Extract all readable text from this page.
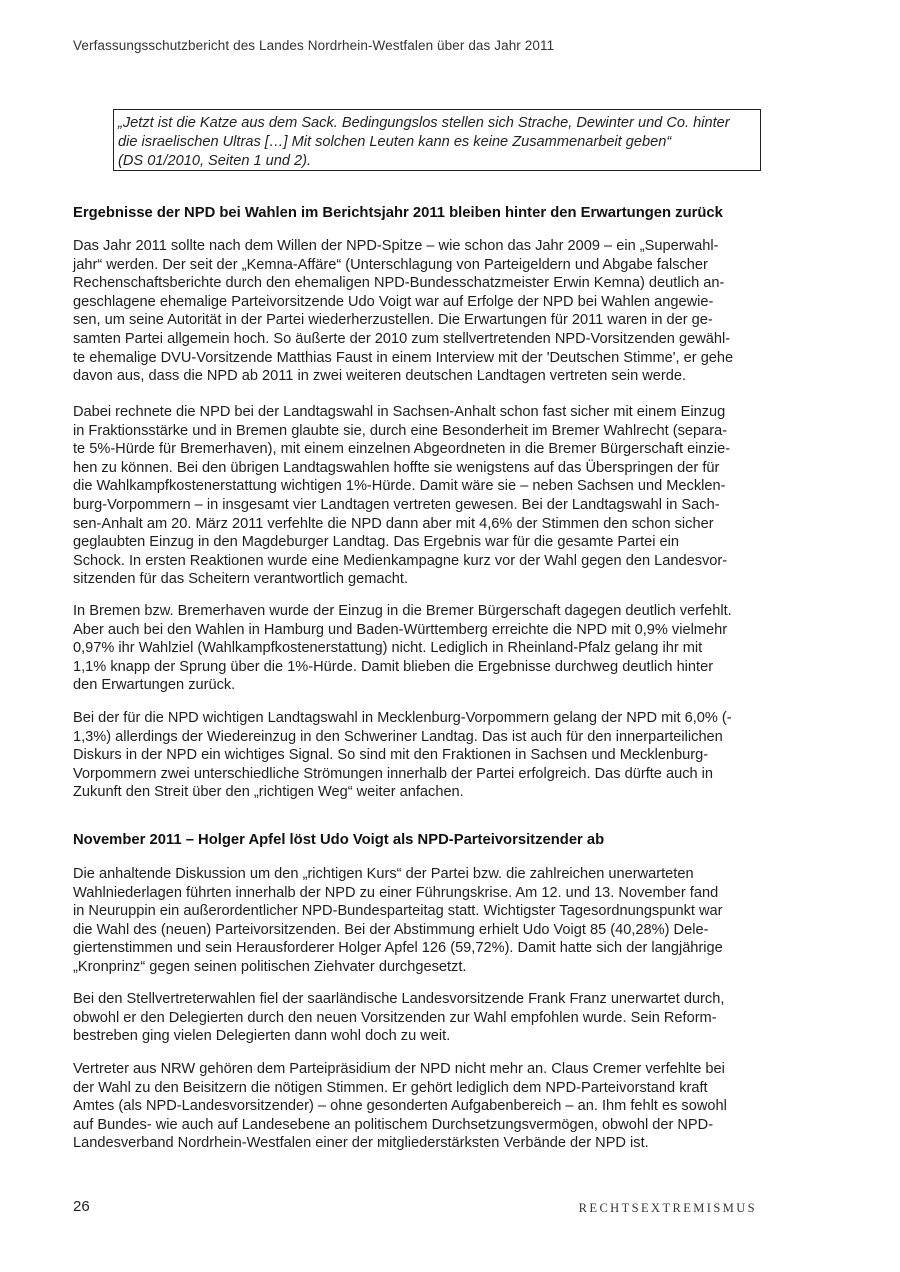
Verfassungsschutzbericht des Landes Nordrhein-Westfalen über das Jahr 2011

„Jetzt ist die Katze aus dem Sack. Bedingungslos stellen sich Strache, Dewinter und Co. hinter

die israelischen Ultras […] Mit solchen Leuten kann es keine Zusammenarbeit geben“

(DS 01/2010, Seiten 1 und 2).

Ergebnisse der NPD bei Wahlen im Berichtsjahr 2011 bleiben hinter den Erwartungen zurück

Das Jahr 2011 sollte nach dem Willen der NPD-Spitze – wie schon das Jahr 2009 – ein „Superwahl-
jahr“ werden. Der seit der „Kemna-Affäre“ (Unterschlagung von Parteigeldern und Abgabe falscher
Rechenschaftsberichte durch den ehemaligen NPD-Bundesschatzmeister Erwin Kemna) deutlich an-
geschlagene ehemalige Parteivorsitzende Udo Voigt war auf Erfolge der NPD bei Wahlen angewie-
sen, um seine Autorität in der Partei wiederherzustellen. Die Erwartungen für 2011 waren in der ge-
samten Partei allgemein hoch. So äußerte der 2010 zum stellvertretenden NPD-Vorsitzenden gewähl-
te ehemalige DVU-Vorsitzende Matthias Faust in einem Interview mit der 'Deutschen Stimme', er gehe
davon aus, dass die NPD ab 2011 in zwei weiteren deutschen Landtagen vertreten sein werde.

Dabei rechnete die NPD bei der Landtagswahl in Sachsen-Anhalt schon fast sicher mit einem Einzug
in Fraktionsstärke und in Bremen glaubte sie, durch eine Besonderheit im Bremer Wahlrecht (separa-
te 5%-Hürde für Bremerhaven), mit einem einzelnen Abgeordneten in die Bremer Bürgerschaft einzie-
hen zu können. Bei den übrigen Landtagswahlen hoffte sie wenigstens auf das Überspringen der für
die Wahlkampfkostenerstattung wichtigen 1%-Hürde. Damit wäre sie – neben Sachsen und Mecklen-
burg-Vorpommern – in insgesamt vier Landtagen vertreten gewesen. Bei der Landtagswahl in Sach-
sen-Anhalt am 20. März 2011 verfehlte die NPD dann aber mit 4,6% der Stimmen den schon sicher
geglaubten Einzug in den Magdeburger Landtag. Das Ergebnis war für die gesamte Partei ein
Schock. In ersten Reaktionen wurde eine Medienkampagne kurz vor der Wahl gegen den Landesvor-
sitzenden für das Scheitern verantwortlich gemacht.

In Bremen bzw. Bremerhaven wurde der Einzug in die Bremer Bürgerschaft dagegen deutlich verfehlt.
Aber auch bei den Wahlen in Hamburg und Baden-Württemberg erreichte die NPD mit 0,9% vielmehr
0,97% ihr Wahlziel (Wahlkampfkostenerstattung) nicht. Lediglich in Rheinland-Pfalz gelang ihr mit
1,1% knapp der Sprung über die 1%-Hürde. Damit blieben die Ergebnisse durchweg deutlich hinter
den Erwartungen zurück.

Bei der für die NPD wichtigen Landtagswahl in Mecklenburg-Vorpommern gelang der NPD mit 6,0% (-
1,3%) allerdings der Wiedereinzug in den Schweriner Landtag. Das ist auch für den innerparteilichen
Diskurs in der NPD ein wichtiges Signal. So sind mit den Fraktionen in Sachsen und Mecklenburg-
Vorpommern zwei unterschiedliche Strömungen innerhalb der Partei erfolgreich. Das dürfte auch in
Zukunft den Streit über den „richtigen Weg“ weiter anfachen.

November 2011 – Holger Apfel löst Udo Voigt als NPD-Parteivorsitzender ab

Die anhaltende Diskussion um den „richtigen Kurs“ der Partei bzw. die zahlreichen unerwarteten
Wahlniederlagen führten innerhalb der NPD zu einer Führungskrise. Am 12. und 13. November fand
in Neuruppin ein außerordentlicher NPD-Bundesparteitag statt. Wichtigster Tagesordnungspunkt war
die Wahl des (neuen) Parteivorsitzenden. Bei der Abstimmung erhielt Udo Voigt 85 (40,28%) Dele-
giertenstimmen und sein Herausforderer Holger Apfel 126 (59,72%). Damit hatte sich der langjährige
„Kronprinz“ gegen seinen politischen Ziehvater durchgesetzt.

Bei den Stellvertreterwahlen fiel der saarländische Landesvorsitzende Frank Franz unerwartet durch,
obwohl er den Delegierten durch den neuen Vorsitzenden zur Wahl empfohlen wurde. Sein Reform-
bestreben ging vielen Delegierten dann wohl doch zu weit.

Vertreter aus NRW gehören dem Parteipräsidium der NPD nicht mehr an. Claus Cremer verfehlte bei
der Wahl zu den Beisitzern die nötigen Stimmen. Er gehört lediglich dem NPD-Parteivorstand kraft
Amtes (als NPD-Landesvorsitzender) – ohne gesonderten Aufgabenbereich – an. Ihm fehlt es sowohl
auf Bundes- wie auch auf Landesebene an politischem Durchsetzungsvermögen, obwohl der NPD-
Landesverband Nordrhein-Westfalen einer der mitgliederstärksten Verbände der NPD ist.

26	RECHTSEXTREMISMUS
